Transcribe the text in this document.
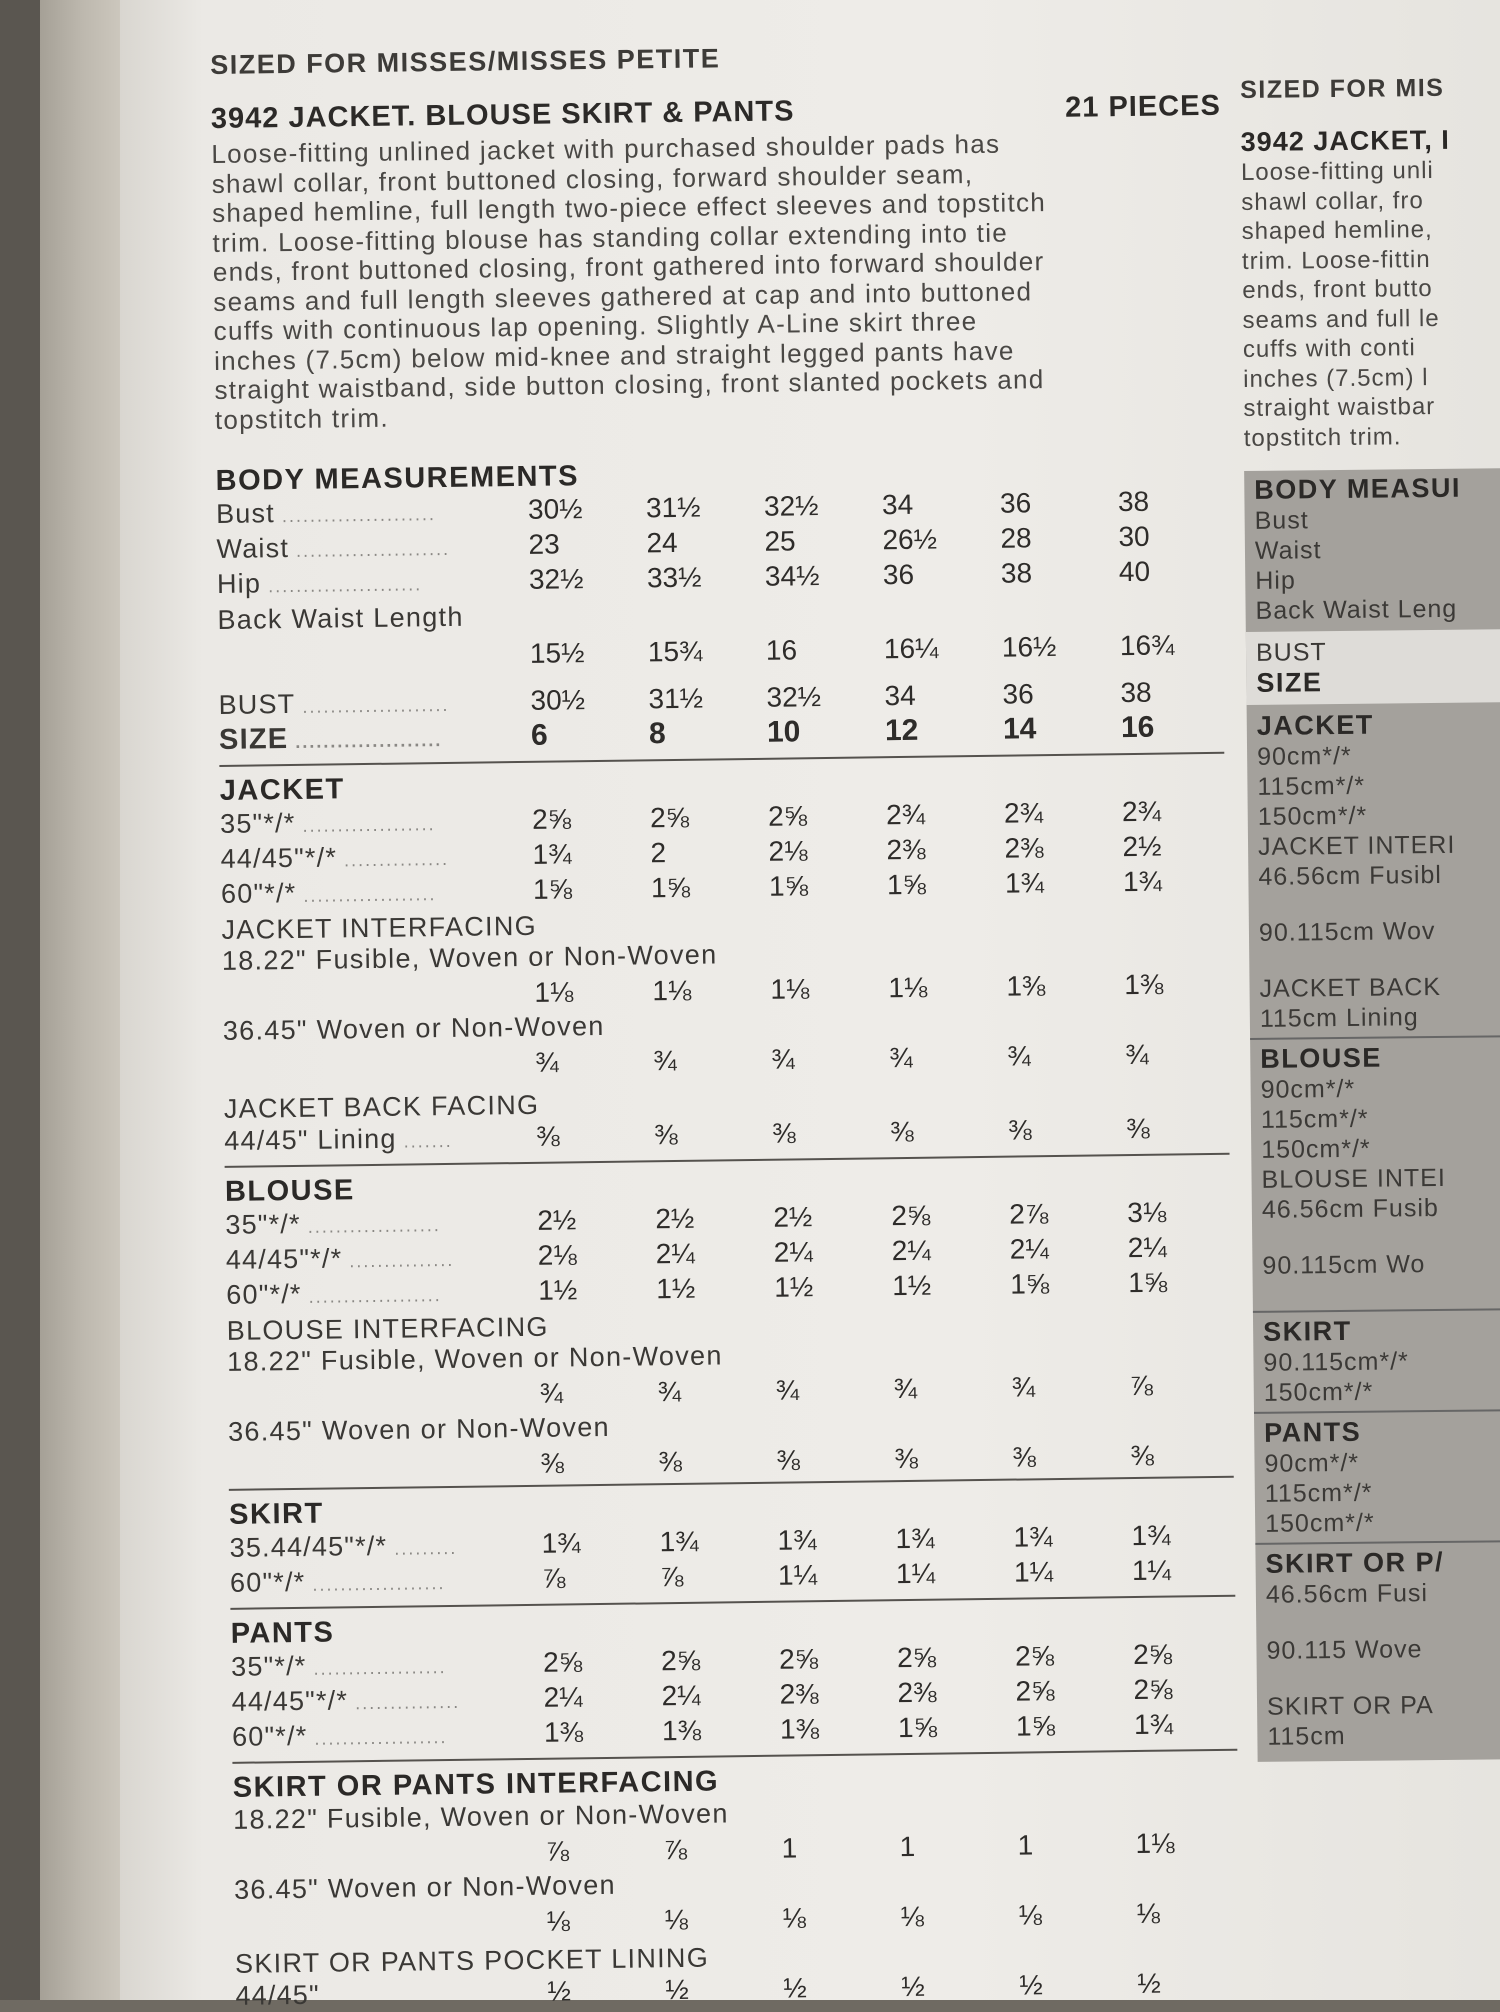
SIZED FOR MISSES/MISSES PETITE
3942 JACKET. BLOUSE SKIRT & PANTS	21 PIECES
Loose-fitting unlined jacket with purchased shoulder pads has
shawl collar, front buttoned closing, forward shoulder seam,
shaped hemline, full length two-piece effect sleeves and topstitch
trim. Loose-fitting blouse has standing collar extending into tie
ends, front buttoned closing, front gathered into forward shoulder
seams and full length sleeves gathered at cap and into buttoned
cuffs with continuous lap opening. Slightly A-Line skirt three
inches (7.5cm) below mid-knee and straight legged pants have
straight waistband, side button closing, front slanted pockets and
topstitch trim.
BODY MEASUREMENTS
Bust ......................	30½	31½	32½	34	36	38
Waist ......................	23	24	25	26½	28	30
Hip ......................	32½	33½	34½	36	38	40
Back Waist Length
15½	15¾	16	16¼	16½	16¾
BUST .....................	30½	31½	32½	34	36	38
SIZE .....................	6	8	10	12	14	16
JACKET
35"*/* ...................	2⅝	2⅝	2⅝	2¾	2¾	2¾
44/45"*/* ...............	1¾	2	2⅛	2⅜	2⅜	2½
60"*/* ...................	1⅝	1⅝	1⅝	1⅝	1¾	1¾
JACKET INTERFACING
18.22" Fusible, Woven or Non-Woven
1⅛	1⅛	1⅛	1⅛	1⅜	1⅜
36.45" Woven or Non-Woven
¾	¾	¾	¾	¾	¾
JACKET BACK FACING
44/45" Lining .......	⅜	⅜	⅜	⅜	⅜	⅜
BLOUSE
35"*/* ...................	2½	2½	2½	2⅝	2⅞	3⅛
44/45"*/* ...............	2⅛	2¼	2¼	2¼	2¼	2¼
60"*/* ...................	1½	1½	1½	1½	1⅝	1⅝
BLOUSE INTERFACING
18.22" Fusible, Woven or Non-Woven
¾	¾	¾	¾	¾	⅞
36.45" Woven or Non-Woven
⅜	⅜	⅜	⅜	⅜	⅜
SKIRT
35.44/45"*/* .........	1¾	1¾	1¾	1¾	1¾	1¾
60"*/* ...................	⅞	⅞	1¼	1¼	1¼	1¼
PANTS
35"*/* ...................	2⅝	2⅝	2⅝	2⅝	2⅝	2⅝
44/45"*/* ...............	2¼	2¼	2⅜	2⅜	2⅝	2⅝
60"*/* ...................	1⅜	1⅜	1⅜	1⅝	1⅝	1¾
SKIRT OR PANTS INTERFACING
18.22" Fusible, Woven or Non-Woven
⅞	⅞	1	1	1	1⅛
36.45" Woven or Non-Woven
⅛	⅛	⅛	⅛	⅛	⅛
SKIRT OR PANTS POCKET LINING
44/45"	½	½	½	½	½	½
SIZED FOR MIS
3942 JACKET, I
Loose-fitting unli
shawl collar, fro
shaped hemline,
trim. Loose-fittin
ends, front butto
seams and full le
cuffs with conti
inches (7.5cm) l
straight waistbar
topstitch trim.
BODY MEASUI
Bust
Waist
Hip
Back Waist Leng
BUST
SIZE
JACKET
90cm*/*
115cm*/*
150cm*/*
JACKET INTERI
46.56cm Fusibl
90.115cm Wov
JACKET BACK
115cm Lining
BLOUSE
90cm*/*
115cm*/*
150cm*/*
BLOUSE INTEI
46.56cm Fusib
90.115cm Wo
SKIRT
90.115cm*/*
150cm*/*
PANTS
90cm*/*
115cm*/*
150cm*/*
SKIRT OR P/
46.56cm Fusi
90.115 Wove
SKIRT OR PA
115cm
